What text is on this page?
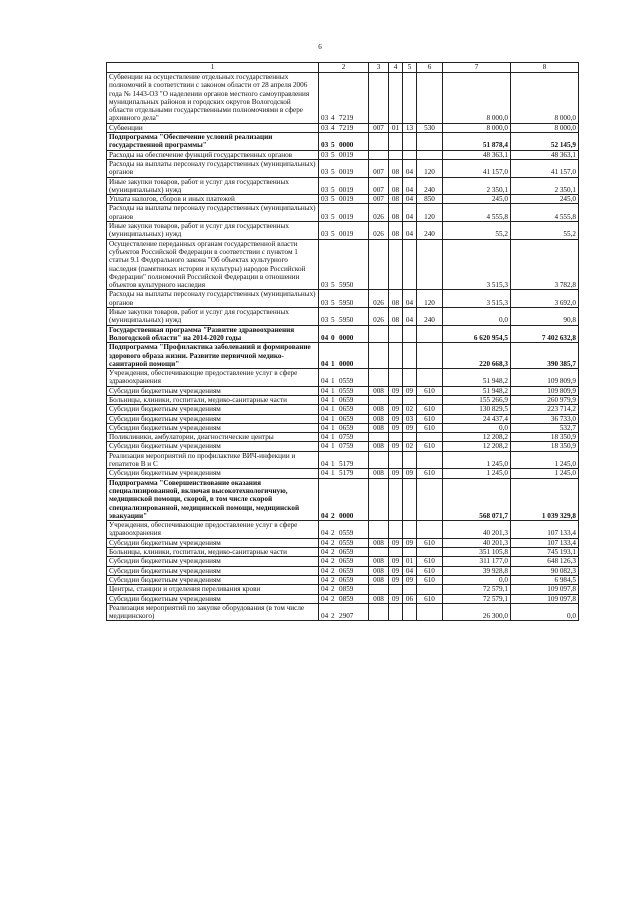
6
1	2	3	4	5	6	7	8
Субвенции на осуществление отдельных государственных полномочий в соответствии с законом области от 28 апреля 2006 года № 1443-ОЗ "О наделении органов местного самоуправления муниципальных районов и городских округов Вологодской области отдельными государственными полномочиями в сфере архивного дела"	03 4 7219					8 000,0	8 000,0
Субвенции	03 4 7219	007	01	13	530	8 000,0	8 000,0
Подпрограмма "Обеспечение условий реализации государственной программы"	03 5 0000					51 878,4	52 145,9
Расходы на обеспечение функций государственных органов	03 5 0019					48 363,1	48 363,1
Расходы на выплаты персоналу государственных (муниципальных) органов	03 5 0019	007	08	04	120	41 157,0	41 157,0
Иные закупки товаров, работ и услуг для государственных (муниципальных) нужд	03 5 0019	007	08	04	240	2 350,1	2 350,1
Уплата налогов, сборов и иных платежей	03 5 0019	007	08	04	850	245,0	245,0
Расходы на выплаты персоналу государственных (муниципальных) органов	03 5 0019	026	08	04	120	4 555,8	4 555,8
Иные закупки товаров, работ и услуг для государственных (муниципальных) нужд	03 5 0019	026	08	04	240	55,2	55,2
Осуществление переданных органам государственной власти субъектов Российской Федерации в соответствии с пунктом 1 статьи 9.1 Федерального закона "Об объектах культурного наследия (памятниках истории и культуры) народов Российской Федерации" полномочий Российской Федерации в отношении объектов культурного наследия	03 5 5950					3 515,3	3 782,8
Расходы на выплаты персоналу государственных (муниципальных) органов	03 5 5950	026	08	04	120	3 515,3	3 692,0
Иные закупки товаров, работ и услуг для государственных (муниципальных) нужд	03 5 5950	026	08	04	240	0,0	90,8
Государственная программа "Развитие здравоохранения Вологодской области" на 2014-2020 годы	04 0 0000					6 620 954,5	7 402 632,8
Подпрограмма "Профилактика заболеваний и формирование здорового образа жизни. Развитие первичной медико-санитарной помощи"	04 1 0000					220 668,3	390 385,7
Учреждения, обеспечивающие предоставление услуг в сфере здравоохранения	04 1 0559					51 948,2	109 809,9
Субсидии бюджетным учреждениям	04 1 0559	008	09	09	610	51 948,2	109 809,9
Больницы, клиники, госпитали, медико-санитарные части	04 1 0659					155 266,9	260 979,9
Субсидии бюджетным учреждениям	04 1 0659	008	09	02	610	130 829,5	223 714,2
Субсидии бюджетным учреждениям	04 1 0659	008	09	03	610	24 437,4	36 733,0
Субсидии бюджетным учреждениям	04 1 0659	008	09	09	610	0,0	532,7
Поликлиники, амбулатории, диагностические центры	04 1 0759					12 208,2	18 350,9
Субсидии бюджетным учреждениям	04 1 0759	008	09	02	610	12 208,2	18 350,9
Реализация мероприятий по профилактике ВИЧ-инфекции и гепатитов В и С	04 1 5179					1 245,0	1 245,0
Субсидии бюджетным учреждениям	04 1 5179	008	09	09	610	1 245,0	1 245,0
Подпрограмма "Совершенствование оказания специализированной, включая высокотехнологичную, медицинской помощи, скорой, в том числе скорой специализированной, медицинской помощи, медицинской эвакуации"	04 2 0000					568 071,7	1 039 329,8
Учреждения, обеспечивающие предоставление услуг в сфере здравоохранения	04 2 0559					40 201,3	107 133,4
Субсидии бюджетным учреждениям	04 2 0559	008	09	09	610	40 201,3	107 133,4
Больницы, клиники, госпитали, медико-санитарные части	04 2 0659					351 105,8	745 193,1
Субсидии бюджетным учреждениям	04 2 0659	008	09	01	610	311 177,0	648 126,3
Субсидии бюджетным учреждениям	04 2 0659	008	09	04	610	39 928,8	90 082,3
Субсидии бюджетным учреждениям	04 2 0659	008	09	09	610	0,0	6 984,5
Центры, станции и отделения переливания крови	04 2 0859					72 579,1	109 097,8
Субсидии бюджетным учреждениям	04 2 0859	008	09	06	610	72 579,1	109 097,8
Реализация мероприятий по закупке оборудования (в том числе медицинского)	04 2 2907					26 300,0	0,0
